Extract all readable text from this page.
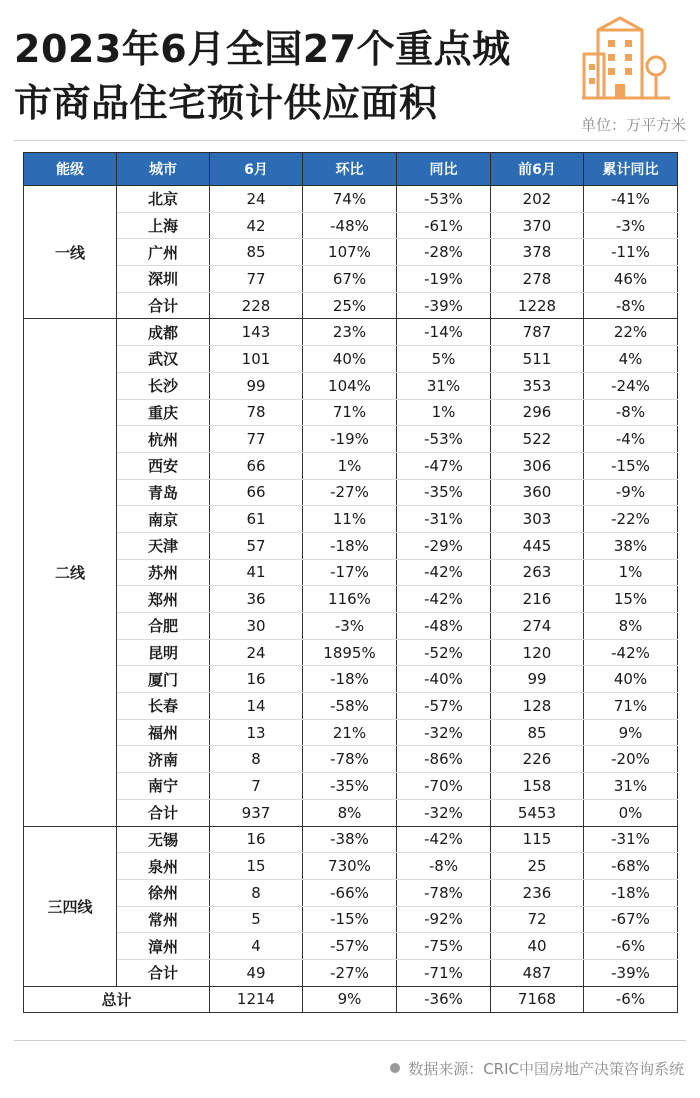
2023年6月全国27个重点城
市商品住宅预计供应面积	单位：万平方米
能级	城市	6月	环比	同比	前6月	累计同比
一线	北京	24	74%	-53%	202	-41%
	上海	42	-48%	-61%	370	-3%
	广州	85	107%	-28%	378	-11%
	深圳	77	67%	-19%	278	46%
	合计	228	25%	-39%	1228	-8%
二线	成都	143	23%	-14%	787	22%
	武汉	101	40%	5%	511	4%
	长沙	99	104%	31%	353	-24%
	重庆	78	71%	1%	296	-8%
	杭州	77	-19%	-53%	522	-4%
	西安	66	1%	-47%	306	-15%
	青岛	66	-27%	-35%	360	-9%
	南京	61	11%	-31%	303	-22%
	天津	57	-18%	-29%	445	38%
	苏州	41	-17%	-42%	263	1%
	郑州	36	116%	-42%	216	15%
	合肥	30	-3%	-48%	274	8%
	昆明	24	1895%	-52%	120	-42%
	厦门	16	-18%	-40%	99	40%
	长春	14	-58%	-57%	128	71%
	福州	13	21%	-32%	85	9%
	济南	8	-78%	-86%	226	-20%
	南宁	7	-35%	-70%	158	31%
	合计	937	8%	-32%	5453	0%
三四线	无锡	16	-38%	-42%	115	-31%
	泉州	15	730%	-8%	25	-68%
	徐州	8	-66%	-78%	236	-18%
	常州	5	-15%	-92%	72	-67%
	漳州	4	-57%	-75%	40	-6%
	合计	49	-27%	-71%	487	-39%
总计		1214	9%	-36%	7168	-6%
数据来源：CRIC中国房地产决策咨询系统
